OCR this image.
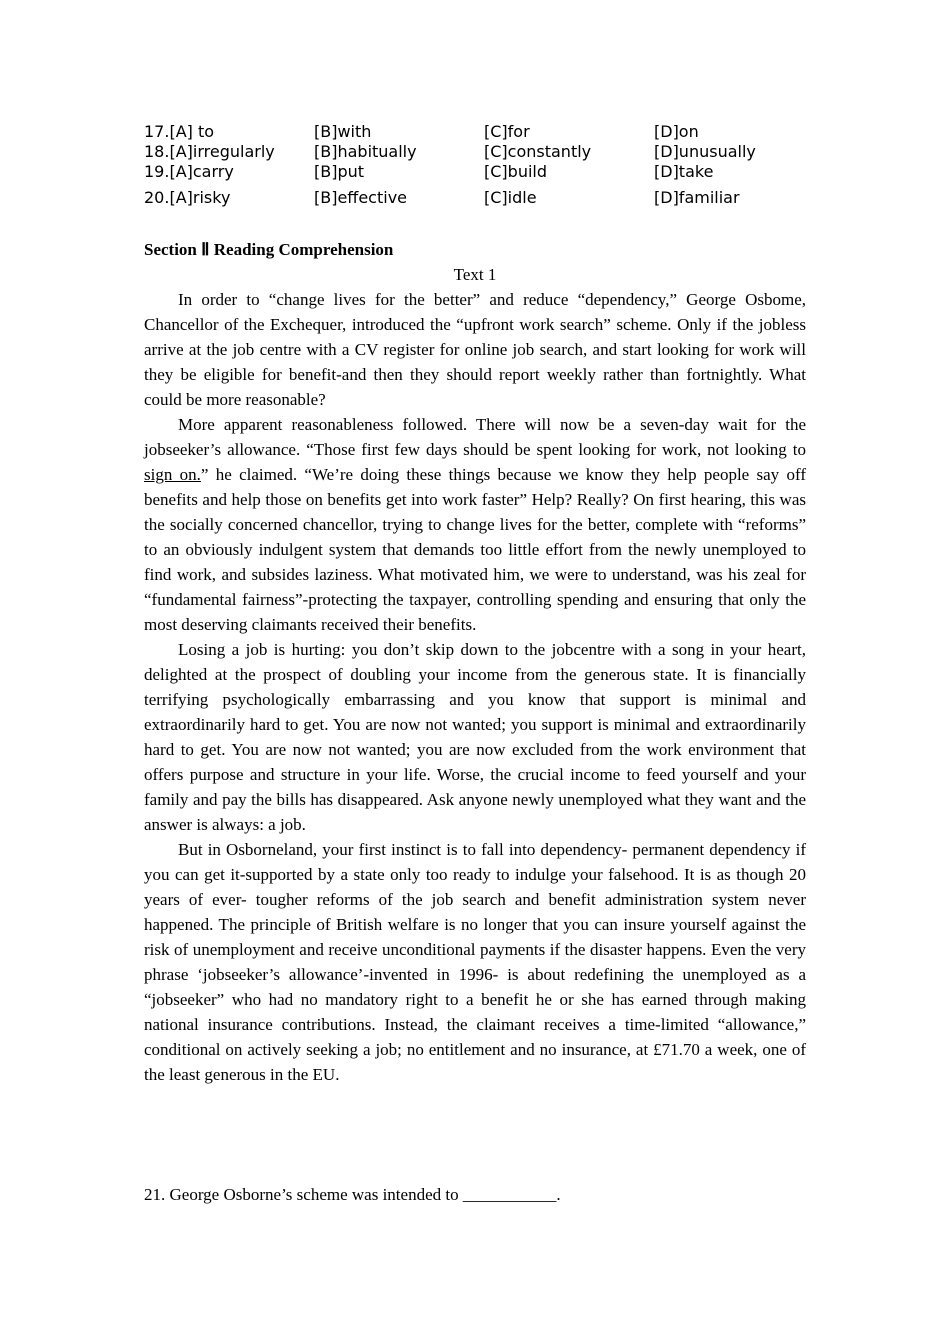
17.[A] to	[B]with	[C]for	[D]on
18.[A]irregularly	[B]habitually	[C]constantly	[D]unusually
19.[A]carry	[B]put	[C]build	[D]take
20.[A]risky	[B]effective	[C]idle	[D]familiar
Section Ⅱ Reading Comprehension
Text 1

In order to “change lives for the better” and reduce “dependency,” George Osbome, Chancellor of the Exchequer, introduced the “upfront work search” scheme. Only if the jobless arrive at the job centre with a CV register for online job search, and start looking for work will they be eligible for benefit-and then they should report weekly rather than fortnightly. What could be more reasonable?

More apparent reasonableness followed. There will now be a seven-day wait for the jobseeker’s allowance. “Those first few days should be spent looking for work, not looking to sign on.” he claimed. “We’re doing these things because we know they help people say off benefits and help those on benefits get into work faster” Help? Really? On first hearing, this was the socially concerned chancellor, trying to change lives for the better, complete with “reforms” to an obviously indulgent system that demands too little effort from the newly unemployed to find work, and subsides laziness. What motivated him, we were to understand, was his zeal for “fundamental fairness”-protecting the taxpayer, controlling spending and ensuring that only the most deserving claimants received their benefits.

Losing a job is hurting: you don’t skip down to the jobcentre with a song in your heart, delighted at the prospect of doubling your income from the generous state. It is financially terrifying psychologically embarrassing and you know that support is minimal and extraordinarily hard to get. You are now not wanted; you support is minimal and extraordinarily hard to get. You are now not wanted; you are now excluded from the work environment that offers purpose and structure in your life. Worse, the crucial income to feed yourself and your family and pay the bills has disappeared. Ask anyone newly unemployed what they want and the answer is always: a job.

But in Osborneland, your first instinct is to fall into dependency- permanent dependency if you can get it-supported by a state only too ready to indulge your falsehood. It is as though 20 years of ever- tougher reforms of the job search and benefit administration system never happened. The principle of British welfare is no longer that you can insure yourself against the risk of unemployment and receive unconditional payments if the disaster happens. Even the very phrase ‘jobseeker’s allowance’-invented in 1996- is about redefining the unemployed as a “jobseeker” who had no mandatory right to a benefit he or she has earned through making national insurance contributions. Instead, the claimant receives a time-limited “allowance,” conditional on actively seeking a job; no entitlement and no insurance, at £71.70 a week, one of the least generous in the EU.

21. George Osborne’s scheme was intended to ___________.
